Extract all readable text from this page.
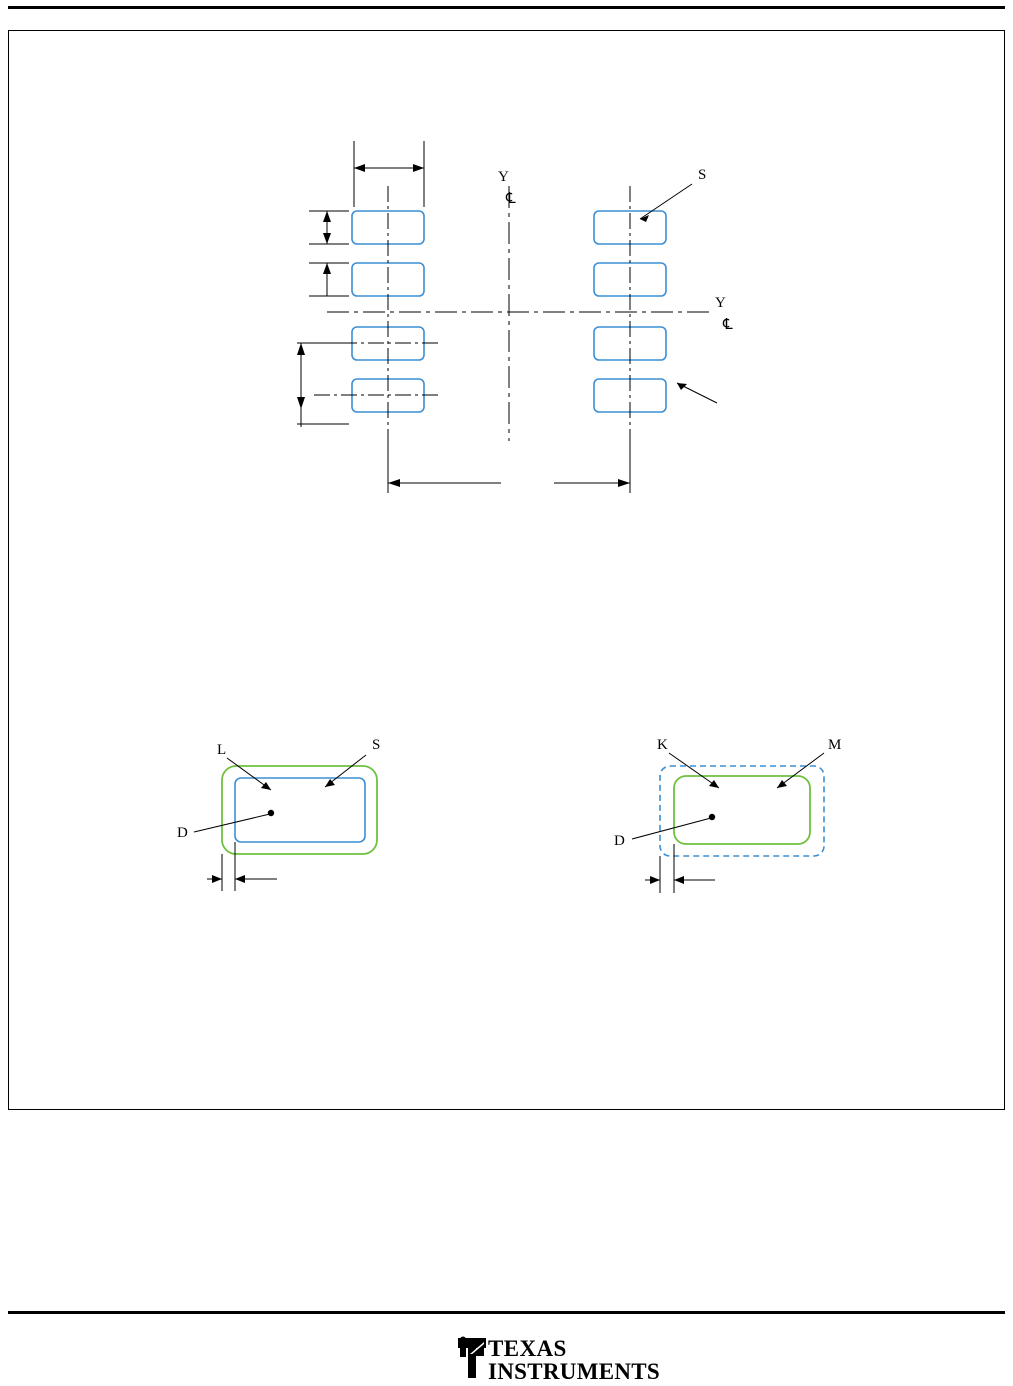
Y
℄
Y
℄
S
L	S
D
K	M
D
TEXAS
INSTRUMENTS
